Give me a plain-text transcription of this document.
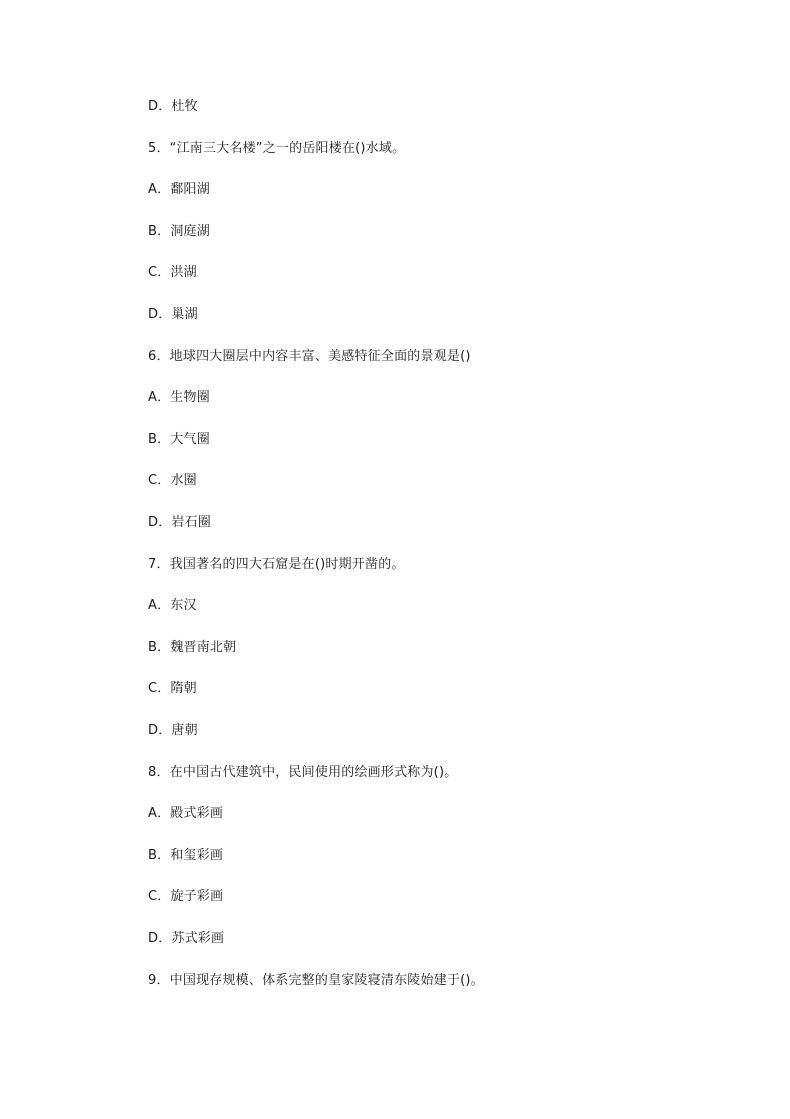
D．杜牧
5．“江南三大名楼”之一的岳阳楼在()水域。
A．鄱阳湖
B．洞庭湖
C．洪湖
D．巢湖
6．地球四大圈层中内容丰富、美感特征全面的景观是()
A．生物圈
B．大气圈
C．水圈
D．岩石圈
7．我国著名的四大石窟是在()时期开凿的。
A．东汉
B．魏晋南北朝
C．隋朝
D．唐朝
8．在中国古代建筑中，民间使用的绘画形式称为()。
A．殿式彩画
B．和玺彩画
C．旋子彩画
D．苏式彩画
9．中国现存规模、体系完整的皇家陵寝清东陵始建于()。
